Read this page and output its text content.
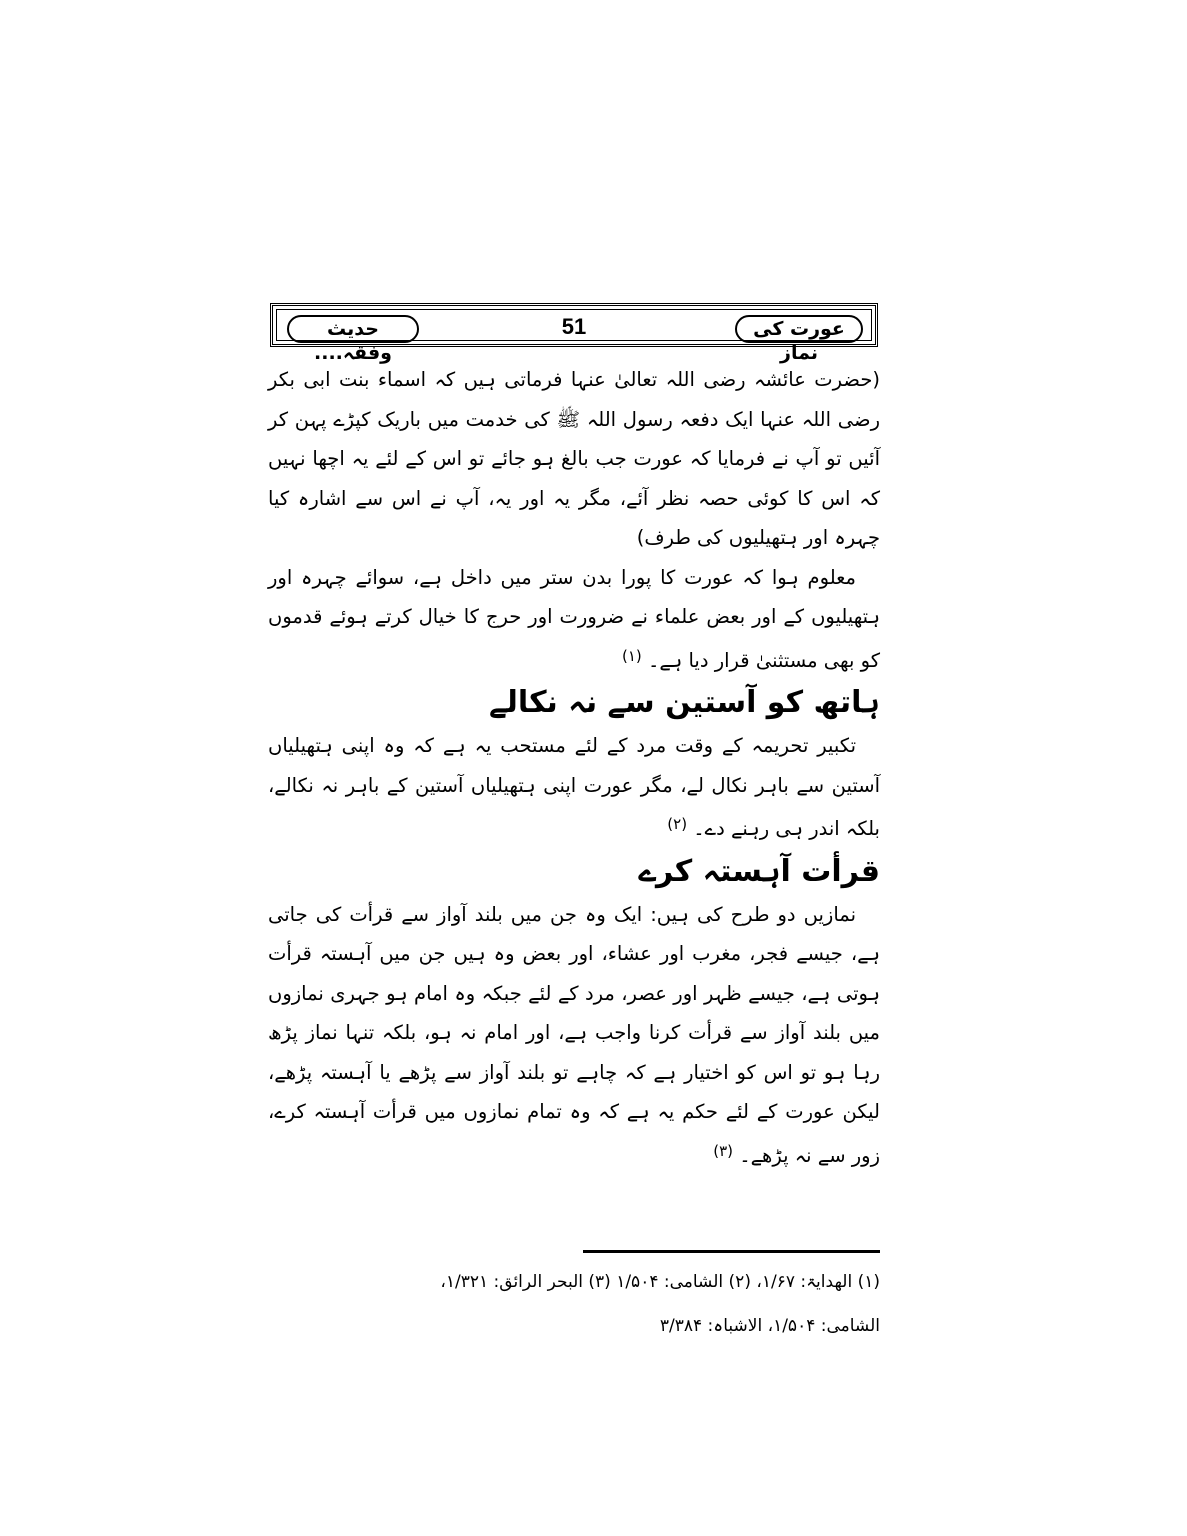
عورت کی نماز
51
حدیث وفقہ....

(حضرت عائشہ رضی اللہ تعالیٰ عنہا فرماتی ہیں کہ اسماء بنت ابی بکر رضی اللہ عنہا ایک دفعہ رسول اللہ ﷺ کی خدمت میں باریک کپڑے پہن کر آئیں تو آپ نے فرمایا کہ عورت جب بالغ ہو جائے تو اس کے لئے یہ اچھا نہیں کہ اس کا کوئی حصہ نظر آئے، مگر یہ اور یہ، آپ نے اس سے اشارہ کیا چہرہ اور ہتھیلیوں کی طرف)

معلوم ہوا کہ عورت کا پورا بدن ستر میں داخل ہے، سوائے چہرہ اور ہتھیلیوں کے اور بعض علماء نے ضرورت اور حرج کا خیال کرتے ہوئے قدموں کو بھی مستثنیٰ قرار دیا ہے۔ $^{(۱)}$

ہاتھ کو آستین سے نہ نکالے

تکبیر تحریمہ کے وقت مرد کے لئے مستحب یہ ہے کہ وہ اپنی ہتھیلیاں آستین سے باہر نکال لے، مگر عورت اپنی ہتھیلیاں آستین کے باہر نہ نکالے، بلکہ اندر ہی رہنے دے۔ $^{(۲)}$

قرأت آہستہ کرے

نمازیں دو طرح کی ہیں: ایک وہ جن میں بلند آواز سے قرأت کی جاتی ہے، جیسے فجر، مغرب اور عشاء، اور بعض وہ ہیں جن میں آہستہ قرأت ہوتی ہے، جیسے ظہر اور عصر، مرد کے لئے جبکہ وہ امام ہو جہری نمازوں میں بلند آواز سے قرأت کرنا واجب ہے، اور امام نہ ہو، بلکہ تنہا نماز پڑھ رہا ہو تو اس کو اختیار ہے کہ چاہے تو بلند آواز سے پڑھے یا آہستہ پڑھے، لیکن عورت کے لئے حکم یہ ہے کہ وہ تمام نمازوں میں قرأت آہستہ کرے، زور سے نہ پڑھے۔ $^{(۳)}$

(۱) الھدایۃ: ۱/۶۷، (۲) الشامی: ۱/۵۰۴ (۳) البحر الرائق: ۱/۳۲۱،
الشامی: ۱/۵۰۴، الاشباہ: ۳/۳۸۴
